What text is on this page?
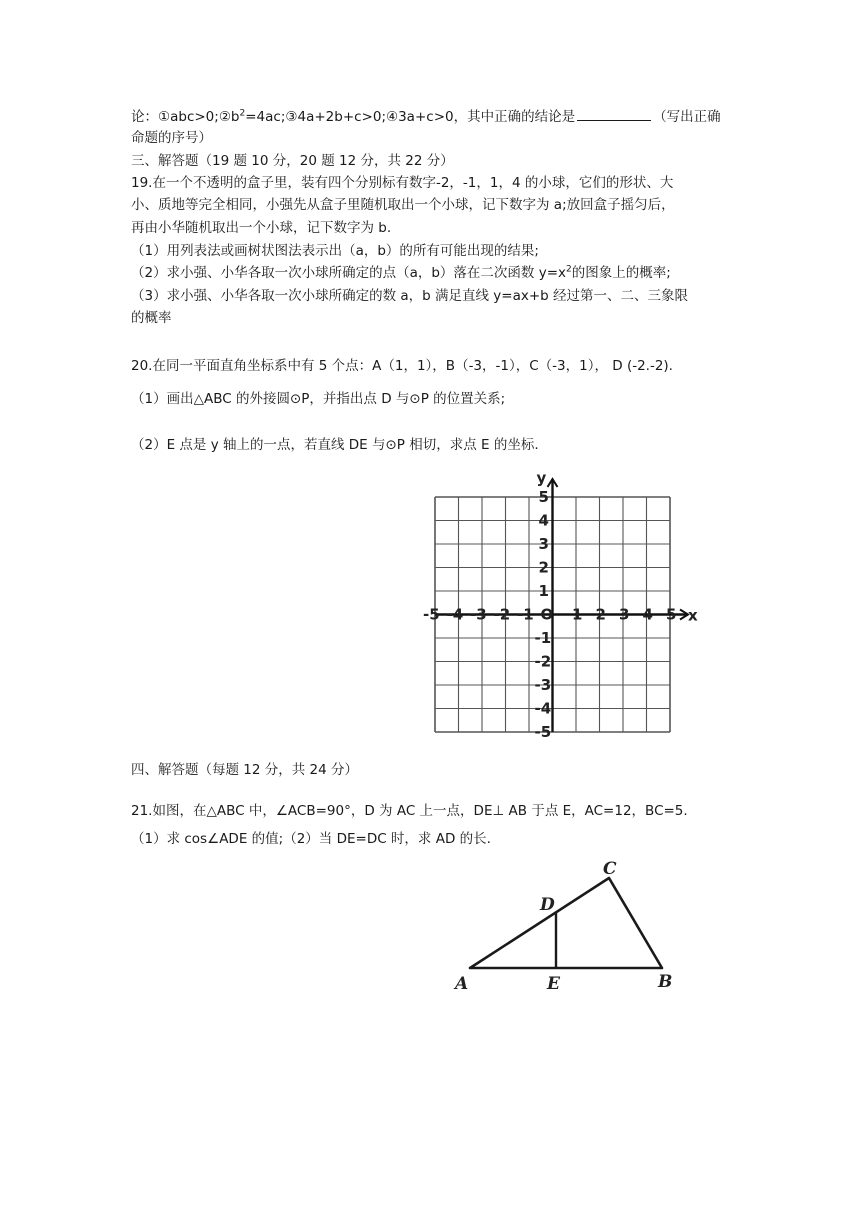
论：$①abc>0;②b^2=4ac;③4a+2b+c>0;④3a+c>0$，其中正确的结论是	（写出正确
命题的序号）
三、解答题（19 题 10 分，20 题 12 分，共 22 分）
19.在一个不透明的盒子里，装有四个分别标有数字-2，-1，1，4 的小球，它们的形状、大
小、质地等完全相同，小强先从盒子里随机取出一个小球，记下数字为 a;放回盒子摇匀后，
再由小华随机取出一个小球，记下数字为 b.
（1）用列表法或画树状图法表示出（a，b）的所有可能出现的结果;
（2）求小强、小华各取一次小球所确定的点（a，b）落在二次函数 $y=x^2$的图象上的概率;
（3）求小强、小华各取一次小球所确定的数 a，b 满足直线 y=ax+b 经过第一、二、三象限
的概率
20.在同一平面直角坐标系中有 5 个点：A（1，1），B（-3，-1），C（-3，1）， D (-2.-2).
（1）画出△ABC 的外接圆⊙P，并指出点 D 与⊙P 的位置关系;
（2）E 点是 y 轴上的一点，若直线 DE 与⊙P 相切，求点 E 的坐标.
-5 -4 -3 -2 -1	1 2 3 4 5
1
2
3
4
5
-1
-2
-3
-4
-5
O	x
y
四、解答题（每题 12 分，共 24 分）
21.如图，在△ABC 中，∠ACB=90°，D 为 AC 上一点，DE⊥ AB 于点 E，AC=12，BC=5.
（1）求 cos∠ADE 的值;（2）当 DE=DC 时，求 AD 的长.
A	E	B
D
C
